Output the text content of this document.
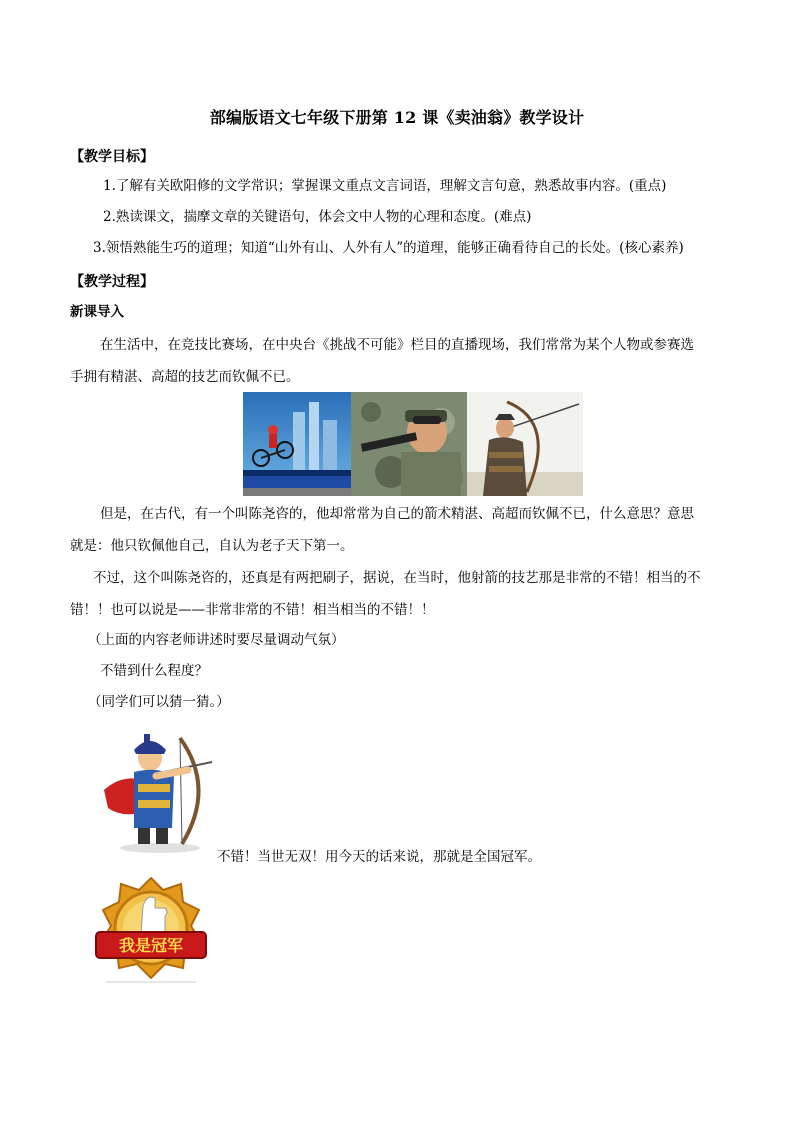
部编版语文七年级下册第 12 课《卖油翁》教学设计
【教学目标】
1.了解有关欧阳修的文学常识；掌握课文重点文言词语，理解文言句意，熟悉故事内容。(重点)
2.熟读课文，揣摩文章的关键语句，体会文中人物的心理和态度。(难点)
3.领悟熟能生巧的道理；知道“山外有山、人外有人”的道理，能够正确看待自己的长处。(核心素养)
【教学过程】
新课导入
在生活中，在竞技比赛场，在中央台《挑战不可能》栏目的直播现场，我们常常为某个人物或参赛选
手拥有精湛、高超的技艺而钦佩不已。
但是，在古代，有一个叫陈尧咨的，他却常常为自己的箭术精湛、高超而钦佩不已，什么意思？意思
就是：他只钦佩他自己，自认为老子天下第一。
不过，这个叫陈尧咨的，还真是有两把刷子，据说，在当时，他射箭的技艺那是非常的不错！相当的不
错！！也可以说是——非常非常的不错！相当相当的不错！！
（上面的内容老师讲述时要尽量调动气氛）
不错到什么程度？
（同学们可以猜一猜。）
不错！当世无双！用今天的话来说，那就是全国冠军。
我是冠军
